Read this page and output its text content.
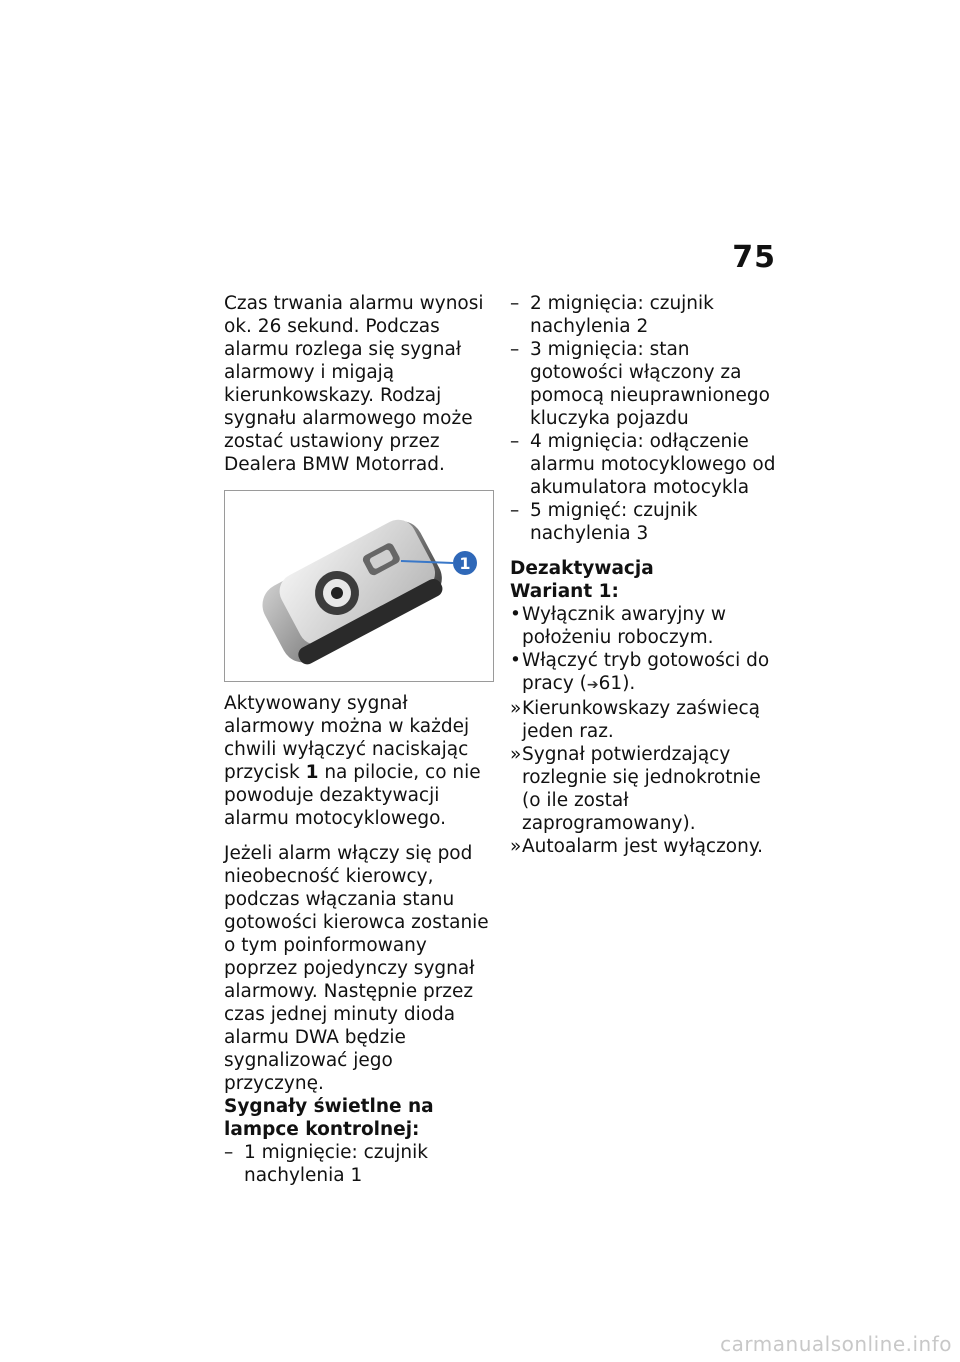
75

Czas trwania alarmu wynosi ok. 26 sekund. Podczas alarmu rozlega się sygnał alarmowy i migają kierunkowskazy. Rodzaj sygnału alarmowego może zostać ustawiony przez Dealera BMW Motorrad.

1

Aktywowany sygnał alarmowy można w każdej chwili wyłączyć naciskając przycisk 1 na pilocie, co nie powoduje dezaktywacji alarmu motocyklowego.

Jeżeli alarm włączy się pod nieobecność kierowcy, podczas włączania stanu gotowości kierowca zostanie o tym poinformowany poprzez pojedynczy sygnał alarmowy. Następnie przez czas jednej minuty dioda alarmu DWA będzie sygnalizować jego przyczynę.

Sygnały świetlne na lampce kontrolnej:

– 1 mignięcie: czujnik nachylenia 1

– 2 mignięcia: czujnik nachylenia 2

– 3 mignięcia: stan gotowości włączony za pomocą nieuprawnionego kluczyka pojazdu

– 4 mignięcia: odłączenie alarmu motocyklowego od akumulatora motocykla

– 5 mignięć: czujnik nachylenia 3

Dezaktywacja

Wariant 1:

• Wyłącznik awaryjny w położeniu roboczym.

• Włączyć tryb gotowości do pracy (➔61).

» Kierunkowskazy zaświecą jeden raz.

» Sygnał potwierdzający rozlegnie się jednokrotnie (o ile został zaprogramowany).

» Autoalarm jest wyłączony.

carmanualsonline.info
